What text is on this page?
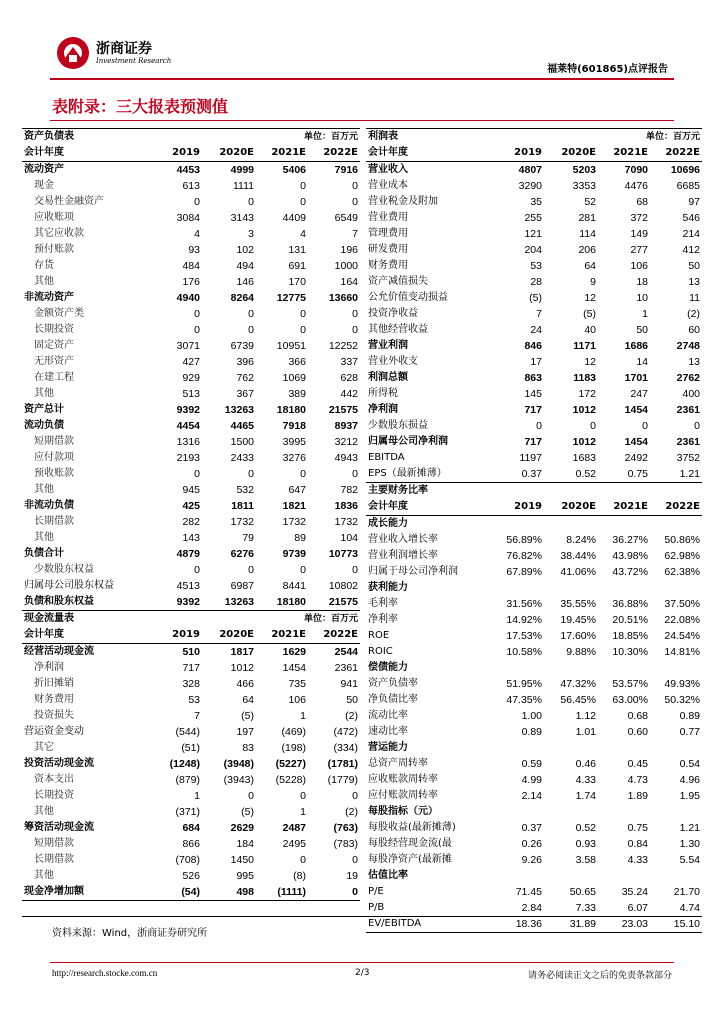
浙商证券
Investment Research
福莱特(601865)点评报告
表附录：三大报表预测值
资产负债表			单位：百万元	
会计年度	2019	2020E	2021E	2022E
流动资产	4453	4999	5406	7916
现金	613	1111	0	0
交易性金融资产	0	0	0	0
应收账项	3084	3143	4409	6549
其它应收款	4	3	4	7
预付账款	93	102	131	196
存货	484	494	691	1000
其他	176	146	170	164
非流动资产	4940	8264	12775	13660
金额资产类	0	0	0	0
长期投资	0	0	0	0
固定资产	3071	6739	10951	12252
无形资产	427	396	366	337
在建工程	929	762	1069	628
其他	513	367	389	442
资产总计	9392	13263	18180	21575
流动负债	4454	4465	7918	8937
短期借款	1316	1500	3995	3212
应付款项	2193	2433	3276	4943
预收账款	0	0	0	0
其他	945	532	647	782
非流动负债	425	1811	1821	1836
长期借款	282	1732	1732	1732
其他	143	79	89	104
负债合计	4879	6276	9739	10773
少数股东权益	0	0	0	0
归属母公司股东权益	4513	6987	8441	10802
负债和股东权益	9392	13263	18180	21575
现金流量表			单位：百万元	
会计年度	2019	2020E	2021E	2022E
经营活动现金流	510	1817	1629	2544
净利润	717	1012	1454	2361
折旧摊销	328	466	735	941
财务费用	53	64	106	50
投资损失	7	(5)	1	(2)
营运资金变动	(544)	197	(469)	(472)
其它	(51)	83	(198)	(334)
投资活动现金流	(1248)	(3948)	(5227)	(1781)
资本支出	(879)	(3943)	(5228)	(1779)
长期投资	1	0	0	0
其他	(371)	(5)	1	(2)
筹资活动现金流	684	2629	2487	(763)
短期借款	866	184	2495	(783)
长期借款	(708)	1450	0	0
其他	526	995	(8)	19
现金净增加额	(54)	498	(1111)	0
利润表			单位：百万元	
会计年度	2019	2020E	2021E	2022E
营业收入	4807	5203	7090	10696
营业成本	3290	3353	4476	6685
营业税金及附加	35	52	68	97
营业费用	255	281	372	546
管理费用	121	114	149	214
研发费用	204	206	277	412
财务费用	53	64	106	50
资产减值损失	28	9	18	13
公允价值变动损益	(5)	12	10	11
投资净收益	7	(5)	1	(2)
其他经营收益	24	40	50	60
营业利润	846	1171	1686	2748
营业外收支	17	12	14	13
利润总额	863	1183	1701	2762
所得税	145	172	247	400
净利润	717	1012	1454	2361
少数股东损益	0	0	0	0
归属母公司净利润	717	1012	1454	2361
EBITDA	1197	1683	2492	3752
EPS（最新摊薄）	0.37	0.52	0.75	1.21
主要财务比率				
会计年度	2019	2020E	2021E	2022E
成长能力				
营业收入增长率	56.89%	8.24%	36.27%	50.86%
营业利润增长率	76.82%	38.44%	43.98%	62.98%
归属于母公司净利润	67.89%	41.06%	43.72%	62.38%
获利能力				
毛利率	31.56%	35.55%	36.88%	37.50%
净利率	14.92%	19.45%	20.51%	22.08%
ROE	17.53%	17.60%	18.85%	24.54%
ROIC	10.58%	9.88%	10.30%	14.81%
偿债能力				
资产负债率	51.95%	47.32%	53.57%	49.93%
净负债比率	47.35%	56.45%	63.00%	50.32%
流动比率	1.00	1.12	0.68	0.89
速动比率	0.89	1.01	0.60	0.77
营运能力				
总资产周转率	0.59	0.46	0.45	0.54
应收账款周转率	4.99	4.33	4.73	4.96
应付账款周转率	2.14	1.74	1.89	1.95
每股指标（元）				
每股收益(最新摊薄)	0.37	0.52	0.75	1.21
每股经营现金流(最	0.26	0.93	0.84	1.30
每股净资产(最新摊	9.26	3.58	4.33	5.54
估值比率				
P/E	71.45	50.65	35.24	21.70
P/B	2.84	7.33	6.07	4.74
EV/EBITDA	18.36	31.89	23.03	15.10
资料来源：Wind，浙商证券研究所
http://research.stocke.com.cn	2/3	请务必阅读正文之后的免责条款部分
